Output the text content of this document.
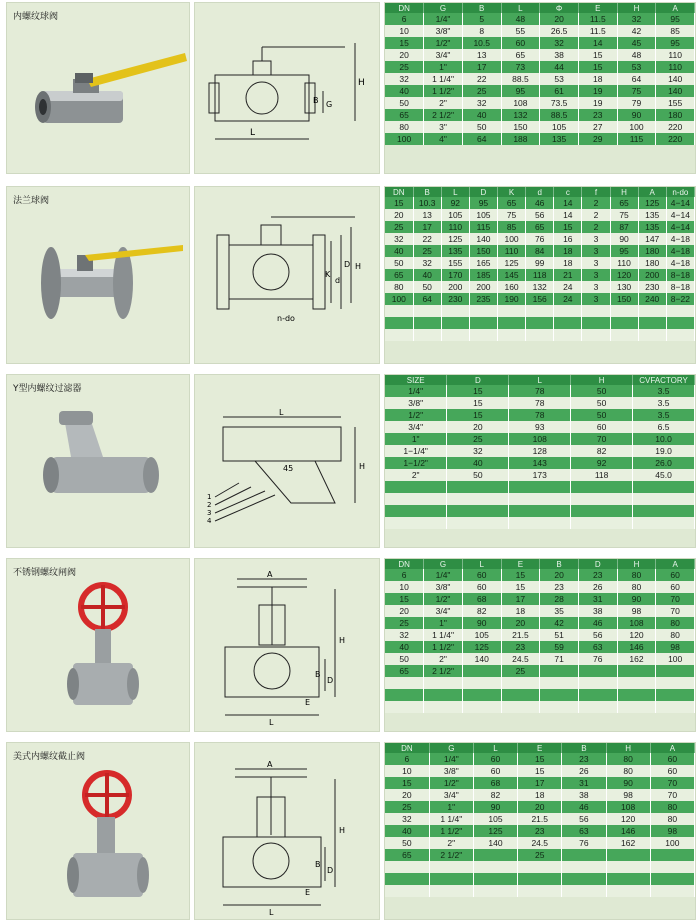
内螺纹球阀
L
H
B G
DN	G	B	L	Φ	E	H	A
6	1/4"	5	48	20	11.5	32	95
10	3/8"	8	55	26.5	11.5	42	85
15	1/2"	10.5	60	32	14	45	95
20	3/4"	13	65	38	15	48	110
25	1"	17	73	44	15	53	110
32	1 1/4"	22	88.5	53	18	64	140
40	1 1/2"	25	95	61	19	75	140
50	2"	32	108	73.5	19	79	155
65	2 1/2"	40	132	88.5	23	90	180
80	3"	50	150	105	27	100	220
100	4"	64	188	135	29	115	220
法兰球阀
n-do
K
d
D H
DN	B	L	D	K	d	c	f	H	A	n-do
15	10.3	92	95	65	46	14	2	65	125	4−14
20	13	105	105	75	56	14	2	75	135	4−14
25	17	110	115	85	65	15	2	87	135	4−14
32	22	125	140	100	76	16	3	90	147	4−18
40	25	135	150	110	84	18	3	95	180	4−18
50	32	155	165	125	99	18	3	110	180	4−18
65	40	170	185	145	118	21	3	120	200	8−18
80	50	200	200	160	132	24	3	130	230	8−18
100	64	230	235	190	156	24	3	150	240	8−22

Y型内螺纹过滤器
L
H
45
1
2
3
4
SIZE	D	L	H	CVFACTORY
1/4"	15	78	50	3.5
3/8"	15	78	50	3.5
1/2"	15	78	50	3.5
3/4"	20	93	60	6.5
1"	25	108	70	10.0
1−1/4"	32	128	82	19.0
1−1/2"	40	143	92	26.0
2"	50	173	118	45.0

不锈钢螺纹闸阀	A
H
B
D
E
L
DN	G	L	E	B	D	H	A
6	1/4"	60	15	20	23	80	60
10	3/8"	60	15	23	26	80	60
15	1/2"	68	17	28	31	90	70
20	3/4"	82	18	35	38	98	70
25	1"	90	20	42	46	108	80
32	1 1/4"	105	21.5	51	56	120	80
40	1 1/2"	125	23	59	63	146	98
50	2"	140	24.5	71	76	162	100
65	2 1/2"		25				

美式内螺纹截止阀
A
H
B
D
E
L
DN	G	L	E	B	H	A
6	1/4"	60	15	23	80	60
10	3/8"	60	15	26	80	60
15	1/2"	68	17	31	90	70
20	3/4"	82	18	38	98	70
25	1"	90	20	46	108	80
32	1 1/4"	105	21.5	56	120	80
40	1 1/2"	125	23	63	146	98
50	2"	140	24.5	76	162	100
65	2 1/2"		25			
